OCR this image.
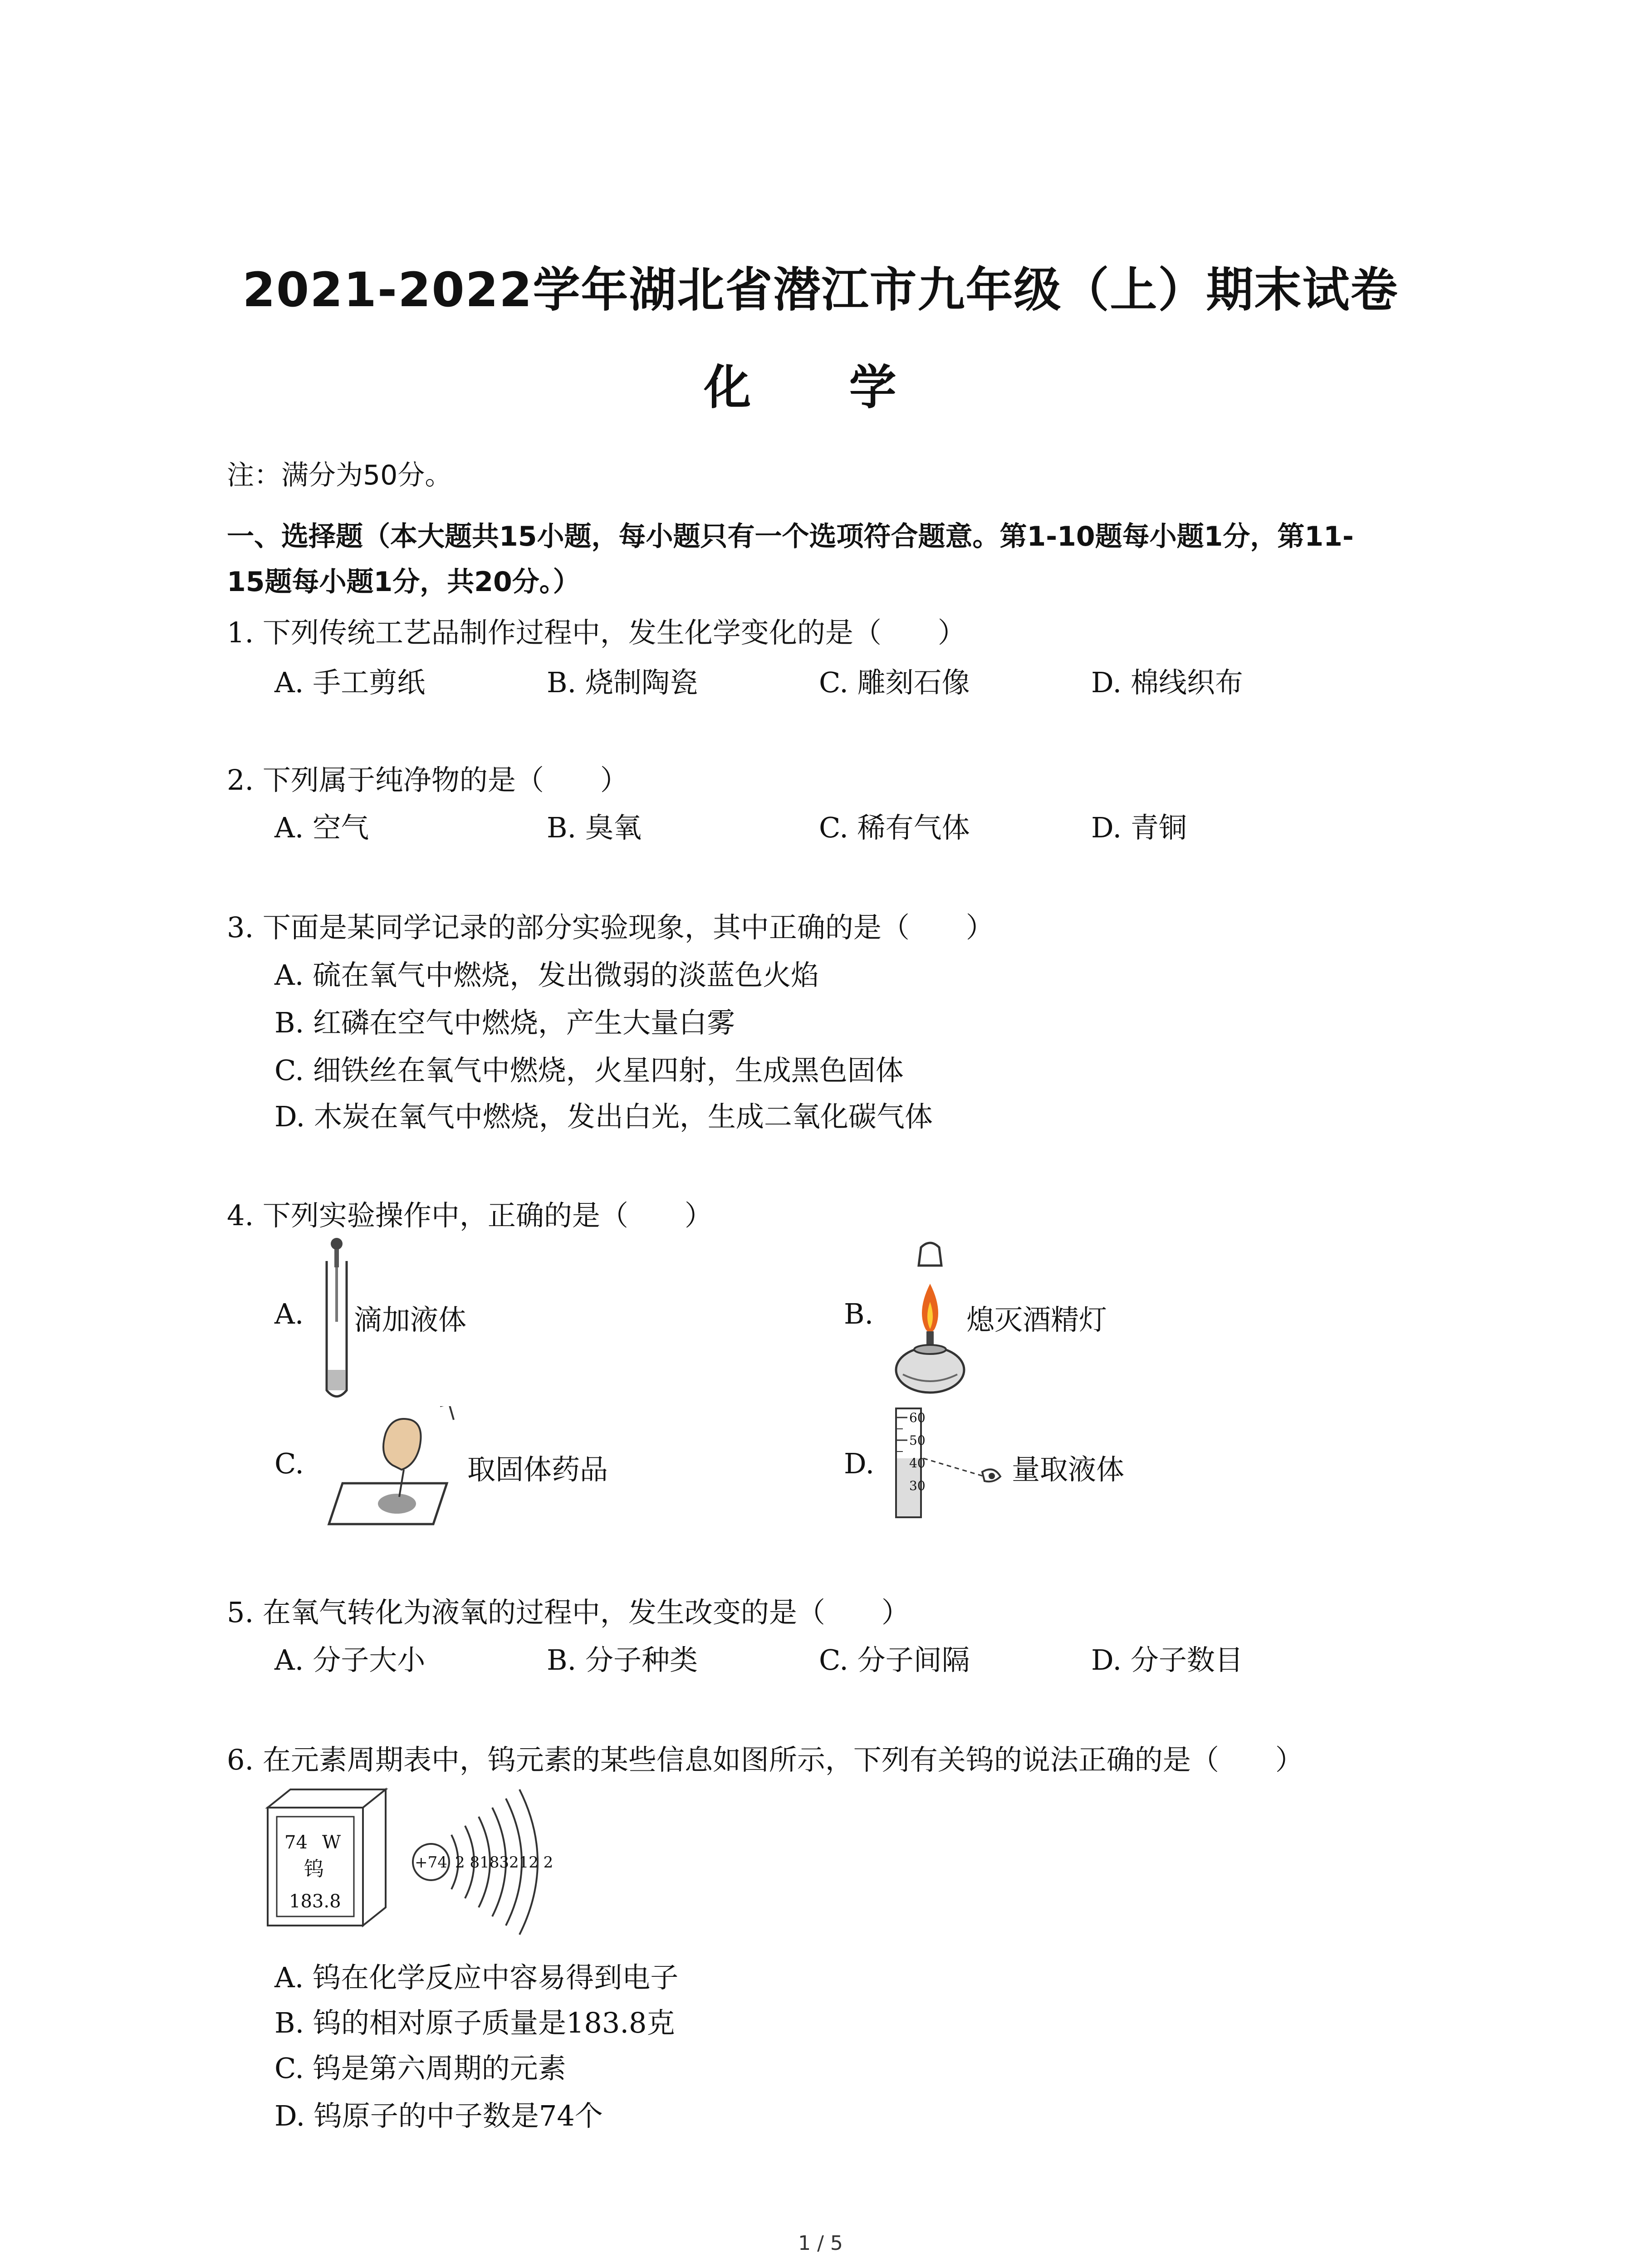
2021-2022学年湖北省潜江市九年级（上）期末试卷
化 学
注：满分为50分。
一、选择题（本大题共15小题，每小题只有一个选项符合题意。第1-10题每小题1分，第11-
15题每小题1分，共20分。）
1. 下列传统工艺品制作过程中，发生化学变化的是（　　）
A. 手工剪纸	B. 烧制陶瓷	C. 雕刻石像	D. 棉线织布
2. 下列属于纯净物的是（　　）
A. 空气	B. 臭氧	C. 稀有气体	D. 青铜
3. 下面是某同学记录的部分实验现象，其中正确的是（　　）
A. 硫在氧气中燃烧，发出微弱的淡蓝色火焰
B. 红磷在空气中燃烧，产生大量白雾
C. 细铁丝在氧气中燃烧，火星四射，生成黑色固体
D. 木炭在氧气中燃烧，发出白光，生成二氧化碳气体
4. 下列实验操作中，正确的是（　　）
A. 滴加液体	B.	熄灭酒精灯
C.	取固体药品	D.
60
50
40
30	量取液体
5. 在氧气转化为液氧的过程中，发生改变的是（　　）
A. 分子大小	B. 分子种类	C. 分子间隔	D. 分子数目
6. 在元素周期表中，钨元素的某些信息如图所示，下列有关钨的说法正确的是（　　）
74 W
钨
183.8
+74 2 8183212 2
A. 钨在化学反应中容易得到电子
B. 钨的相对原子质量是183.8克
C. 钨是第六周期的元素
D. 钨原子的中子数是74个
1 / 5
